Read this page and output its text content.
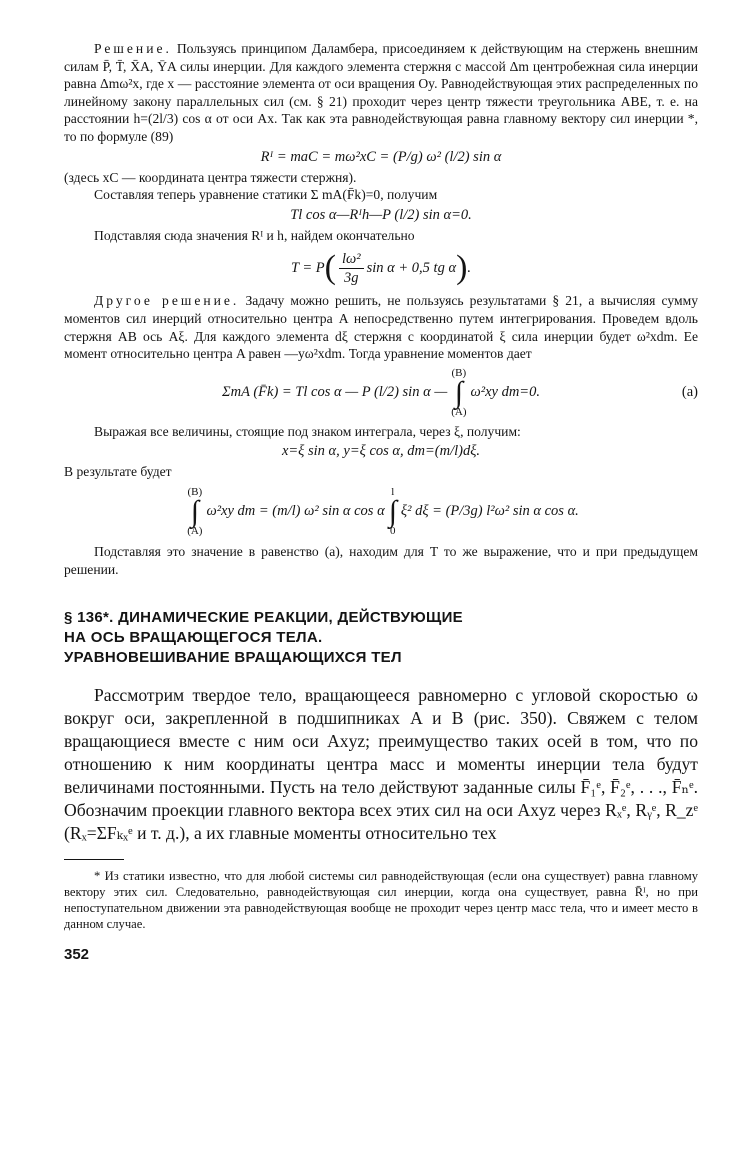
Решение. Пользуясь принципом Даламбера, присоединяем к действующим на стержень внешним силам P̄, T̄, X̄A, ȲA силы инерции. Для каждого элемента стержня с массой Δm центробежная сила инерции равна Δmω²x, где x — расстояние элемента от оси вращения Oy. Равнодействующая этих распределенных по линейному закону параллельных сил (см. § 21) проходит через центр тяжести треугольника ABE, т. е. на расстоянии h=(2l/3) cos α от оси Ax. Так как эта равнодействующая равна главному вектору сил инерции *, то по формуле (89)

Rᴵ = maC = mω²xC = (P/g) ω² (l/2) sin α

(здесь xC — координата центра тяжести стержня).

Составляя теперь уравнение статики Σ mA(F̄k)=0, получим

Tl cos α—Rᴵh—P (l/2) sin α=0.

Подставляя сюда значения Rᴵ и h, найдем окончательно

T = P ( $\frac{\text{lω²}}{3g}$ sin α + 0,5 tg α ) .

Другое решение. Задачу можно решить, не пользуясь результатами § 21, а вычисляя сумму моментов сил инерций относительно центра A непосредственно путем интегрирования. Проведем вдоль стержня AB ось Aξ. Для каждого элемента dξ стержня с координатой ξ сила инерции будет ω²xdm. Ее момент относительно центра A равен —yω²xdm. Тогда уравнение моментов дает

ΣmA (F̄k) = Tl cos α — P (l/2) sin α —
(B)
∫
(A)
ω²xy dm=0.	(a)

Выражая все величины, стоящие под знаком интеграла, через ξ, получим:

x=ξ sin α, y=ξ cos α, dm=(m/l)dξ.

В результате будет

(B)
∫
(A)
ω²xy dm = (m/l) ω² sin α cos α
l
∫
0
ξ² dξ = (P/3g) l²ω² sin α cos α.

Подставляя это значение в равенство (a), находим для T то же выражение, что и при предыдущем решении.

§ 136*. ДИНАМИЧЕСКИЕ РЕАКЦИИ, ДЕЙСТВУЮЩИЕ
НА ОСЬ ВРАЩАЮЩЕГОСЯ ТЕЛА.
УРАВНОВЕШИВАНИЕ ВРАЩАЮЩИХСЯ ТЕЛ

Рассмотрим твердое тело, вращающееся равномерно с угловой скоростью ω вокруг оси, закрепленной в подшипниках A и B (рис. 350). Свяжем с телом вращающиеся вместе с ним оси Axyz; преимущество таких осей в том, что по отношению к ним координаты центра масс и моменты инерции тела будут величинами постоянными. Пусть на тело действуют заданные силы F̄₁ᵉ, F̄₂ᵉ, . . ., F̄ₙᵉ. Обозначим проекции главного вектора всех этих сил на оси Axyz через Rₓᵉ, Rᵧᵉ, R_zᵉ (Rₓ=ΣFₖₓᵉ и т. д.), а их главные моменты относительно тех

* Из статики известно, что для любой системы сил равнодействующая (если она существует) равна главному вектору этих сил. Следовательно, равнодействующая сил инерции, когда она существует, равна R̄ᴵ, но при непоступательном движении эта равнодействующая вообще не проходит через центр масс тела, что и имеет место в данном случае.

352
